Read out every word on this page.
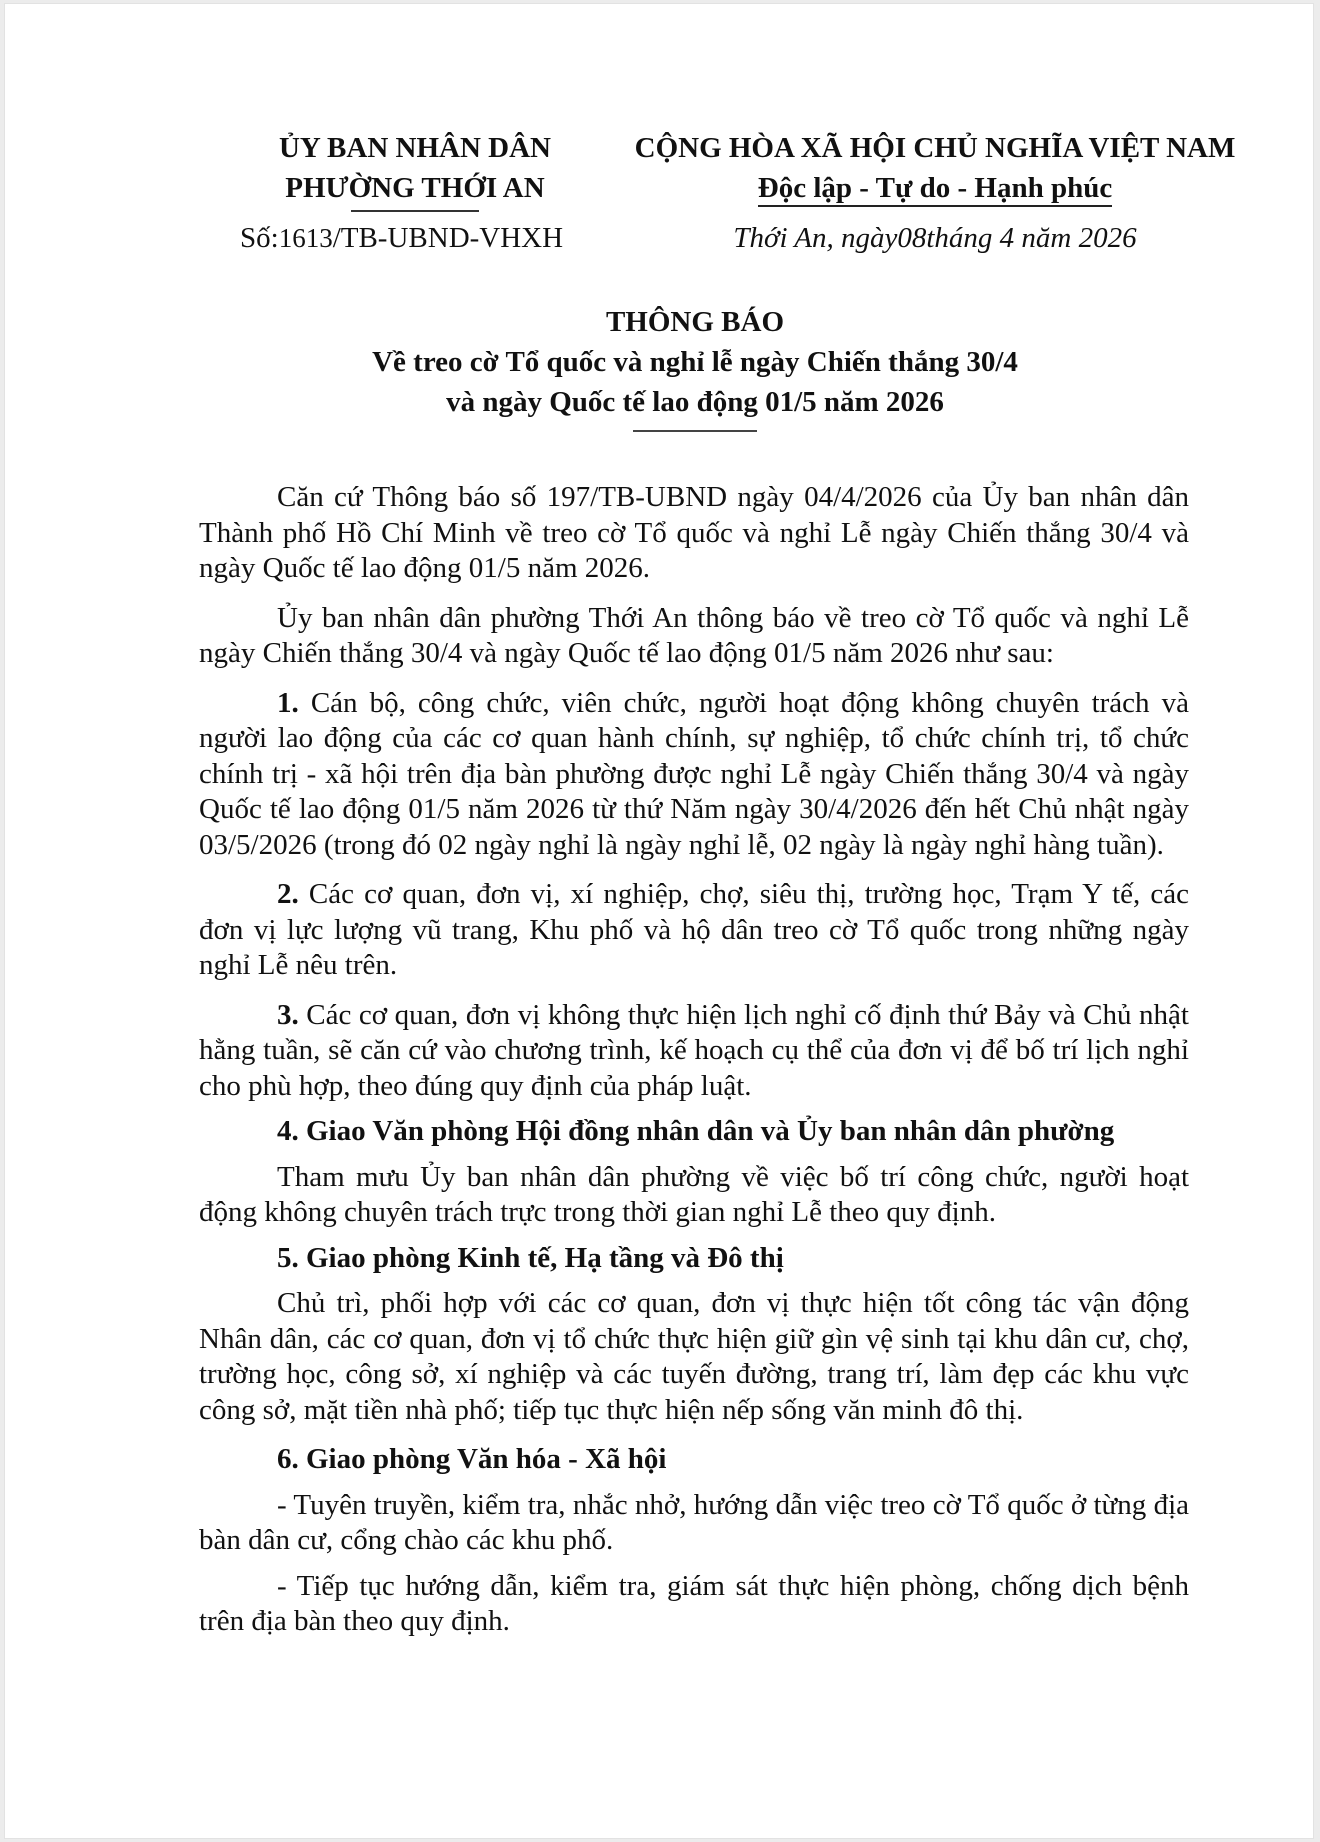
ỦY BAN NHÂN DÂN
PHƯỜNG THỚI AN
Số:1613/TB-UBND-VHXH
CỘNG HÒA XÃ HỘI CHỦ NGHĨA VIỆT NAM
Độc lập - Tự do - Hạnh phúc
Thới An, ngày08tháng 4 năm 2026
THÔNG BÁO
Về treo cờ Tổ quốc và nghỉ lễ ngày Chiến thắng 30/4
và ngày Quốc tế lao động 01/5 năm 2026

Căn cứ Thông báo số 197/TB-UBND ngày 04/4/2026 của Ủy ban nhân dân Thành phố Hồ Chí Minh về treo cờ Tổ quốc và nghỉ Lễ ngày Chiến thắng 30/4 và ngày Quốc tế lao động 01/5 năm 2026.

Ủy ban nhân dân phường Thới An thông báo về treo cờ Tổ quốc và nghỉ Lễ ngày Chiến thắng 30/4 và ngày Quốc tế lao động 01/5 năm 2026 như sau:

1. Cán bộ, công chức, viên chức, người hoạt động không chuyên trách và người lao động của các cơ quan hành chính, sự nghiệp, tổ chức chính trị, tổ chức chính trị - xã hội trên địa bàn phường được nghỉ Lễ ngày Chiến thắng 30/4 và ngày Quốc tế lao động 01/5 năm 2026 từ thứ Năm ngày 30/4/2026 đến hết Chủ nhật ngày 03/5/2026 (trong đó 02 ngày nghỉ là ngày nghỉ lễ, 02 ngày là ngày nghỉ hàng tuần).

2. Các cơ quan, đơn vị, xí nghiệp, chợ, siêu thị, trường học, Trạm Y tế, các đơn vị lực lượng vũ trang, Khu phố và hộ dân treo cờ Tổ quốc trong những ngày nghỉ Lễ nêu trên.

3. Các cơ quan, đơn vị không thực hiện lịch nghỉ cố định thứ Bảy và Chủ nhật hằng tuần, sẽ căn cứ vào chương trình, kế hoạch cụ thể của đơn vị để bố trí lịch nghỉ cho phù hợp, theo đúng quy định của pháp luật.

4. Giao Văn phòng Hội đồng nhân dân và Ủy ban nhân dân phường

Tham mưu Ủy ban nhân dân phường về việc bố trí công chức, người hoạt động không chuyên trách trực trong thời gian nghỉ Lễ theo quy định.

5. Giao phòng Kinh tế, Hạ tầng và Đô thị

Chủ trì, phối hợp với các cơ quan, đơn vị thực hiện tốt công tác vận động Nhân dân, các cơ quan, đơn vị tổ chức thực hiện giữ gìn vệ sinh tại khu dân cư, chợ, trường học, công sở, xí nghiệp và các tuyến đường, trang trí, làm đẹp các khu vực công sở, mặt tiền nhà phố; tiếp tục thực hiện nếp sống văn minh đô thị.

6. Giao phòng Văn hóa - Xã hội

- Tuyên truyền, kiểm tra, nhắc nhở, hướng dẫn việc treo cờ Tổ quốc ở từng địa bàn dân cư, cổng chào các khu phố.

- Tiếp tục hướng dẫn, kiểm tra, giám sát thực hiện phòng, chống dịch bệnh trên địa bàn theo quy định.
